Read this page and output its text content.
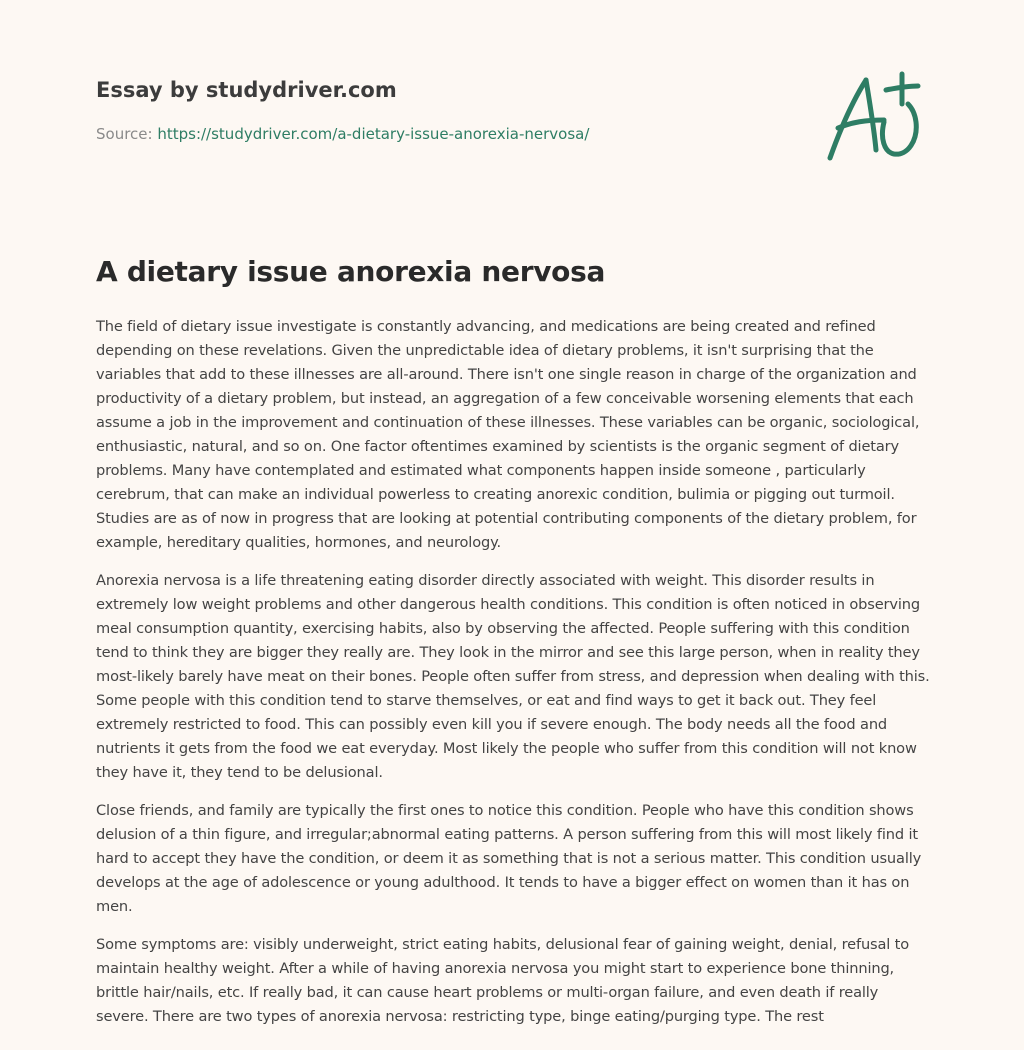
Essay by studydriver.com
Source: https://studydriver.com/a-dietary-issue-anorexia-nervosa/
A dietary issue anorexia nervosa

The field of dietary issue investigate is constantly advancing, and medications are being created and refined depending on these revelations. Given the unpredictable idea of dietary problems, it isn't surprising that the variables that add to these illnesses are all-around. There isn't one single reason in charge of the organization and productivity of a dietary problem, but instead, an aggregation of a few conceivable worsening elements that each assume a job in the improvement and continuation of these illnesses. These variables can be organic, sociological, enthusiastic, natural, and so on. One factor oftentimes examined by scientists is the organic segment of dietary problems. Many have contemplated and estimated what components happen inside someone , particularly cerebrum, that can make an individual powerless to creating anorexic condition, bulimia or pigging out turmoil. Studies are as of now in progress that are looking at potential contributing components of the dietary problem, for example, hereditary qualities, hormones, and neurology.

Anorexia nervosa is a life threatening eating disorder directly associated with weight. This disorder results in extremely low weight problems and other dangerous health conditions. This condition is often noticed in observing meal consumption quantity, exercising habits, also by observing the affected. People suffering with this condition tend to think they are bigger they really are. They look in the mirror and see this large person, when in reality they most-likely barely have meat on their bones. People often suffer from stress, and depression when dealing with this. Some people with this condition tend to starve themselves, or eat and find ways to get it back out. They feel extremely restricted to food. This can possibly even kill you if severe enough. The body needs all the food and nutrients it gets from the food we eat everyday. Most likely the people who suffer from this condition will not know they have it, they tend to be delusional.

Close friends, and family are typically the first ones to notice this condition. People who have this condition shows delusion of a thin figure, and irregular;abnormal eating patterns. A person suffering from this will most likely find it hard to accept they have the condition, or deem it as something that is not a serious matter. This condition usually develops at the age of adolescence or young adulthood. It tends to have a bigger effect on women than it has on men.

Some symptoms are: visibly underweight, strict eating habits, delusional fear of gaining weight, denial, refusal to maintain healthy weight. After a while of having anorexia nervosa you might start to experience bone thinning, brittle hair/nails, etc. If really bad, it can cause heart problems or multi-organ failure, and even death if really severe. There are two types of anorexia nervosa: restricting type, binge eating/purging type. The rest
